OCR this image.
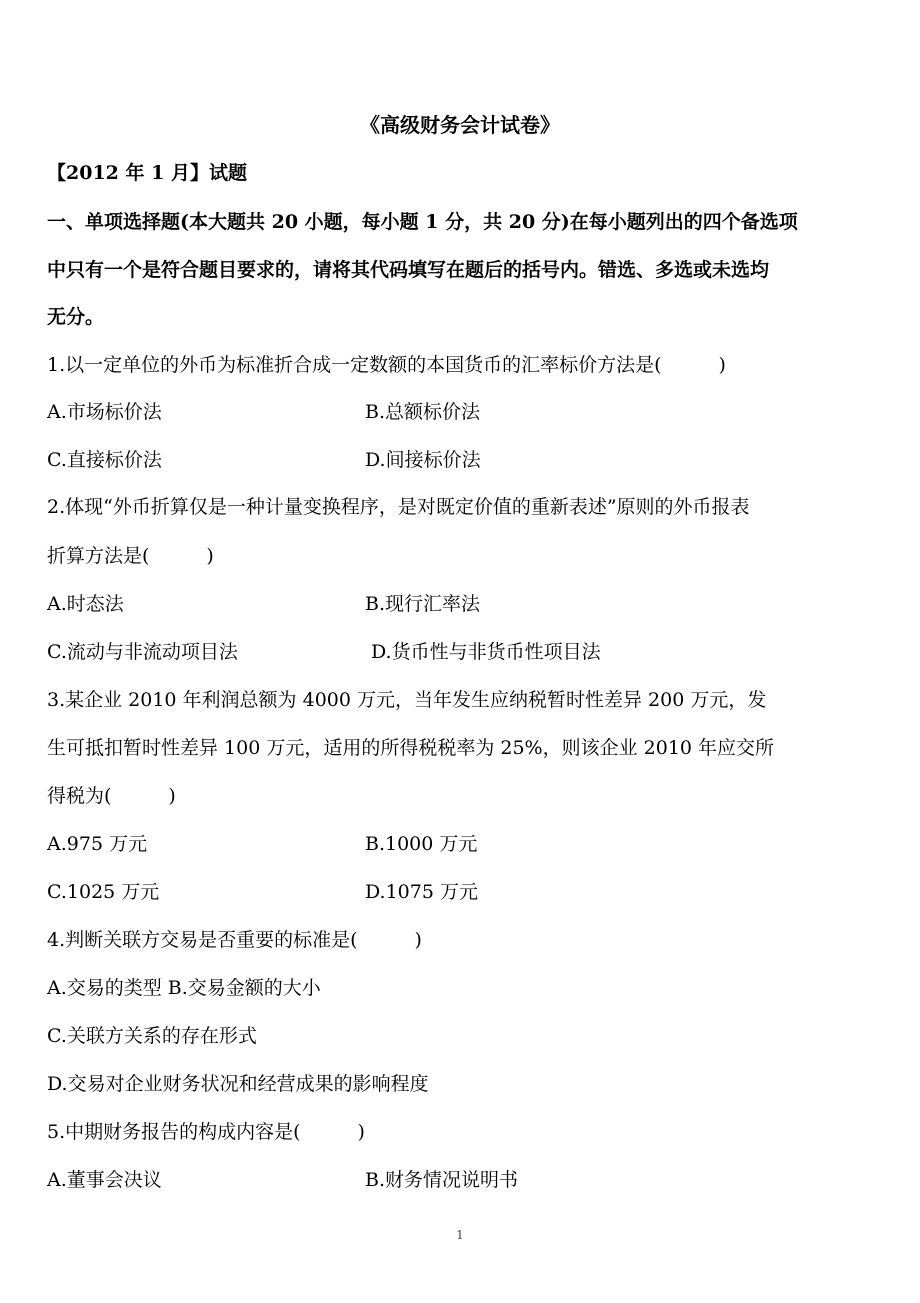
《高级财务会计试卷》
【2012 年 1 月】试题
一、单项选择题(本大题共 20 小题，每小题 1 分，共 20 分)在每小题列出的四个备选项
中只有一个是符合题目要求的，请将其代码填写在题后的括号内。错选、多选或未选均
无分。
1.以一定单位的外币为标准折合成一定数额的本国货币的汇率标价方法是(　　　)
A.市场标价法	B.总额标价法
C.直接标价法	D.间接标价法
2.体现“外币折算仅是一种计量变换程序，是对既定价值的重新表述”原则的外币报表
折算方法是(　　　)
A.时态法	B.现行汇率法
C.流动与非流动项目法	D.货币性与非货币性项目法
3.某企业 2010 年利润总额为 4000 万元，当年发生应纳税暂时性差异 200 万元，发
生可抵扣暂时性差异 100 万元，适用的所得税税率为 25%，则该企业 2010 年应交所
得税为(　　　)
A.975 万元	B.1000 万元
C.1025 万元	D.1075 万元
4.判断关联方交易是否重要的标准是(　　　)
A.交易的类型 B.交易金额的大小
C.关联方关系的存在形式
D.交易对企业财务状况和经营成果的影响程度
5.中期财务报告的构成内容是(　　　)
A.董事会决议	B.财务情况说明书
1
